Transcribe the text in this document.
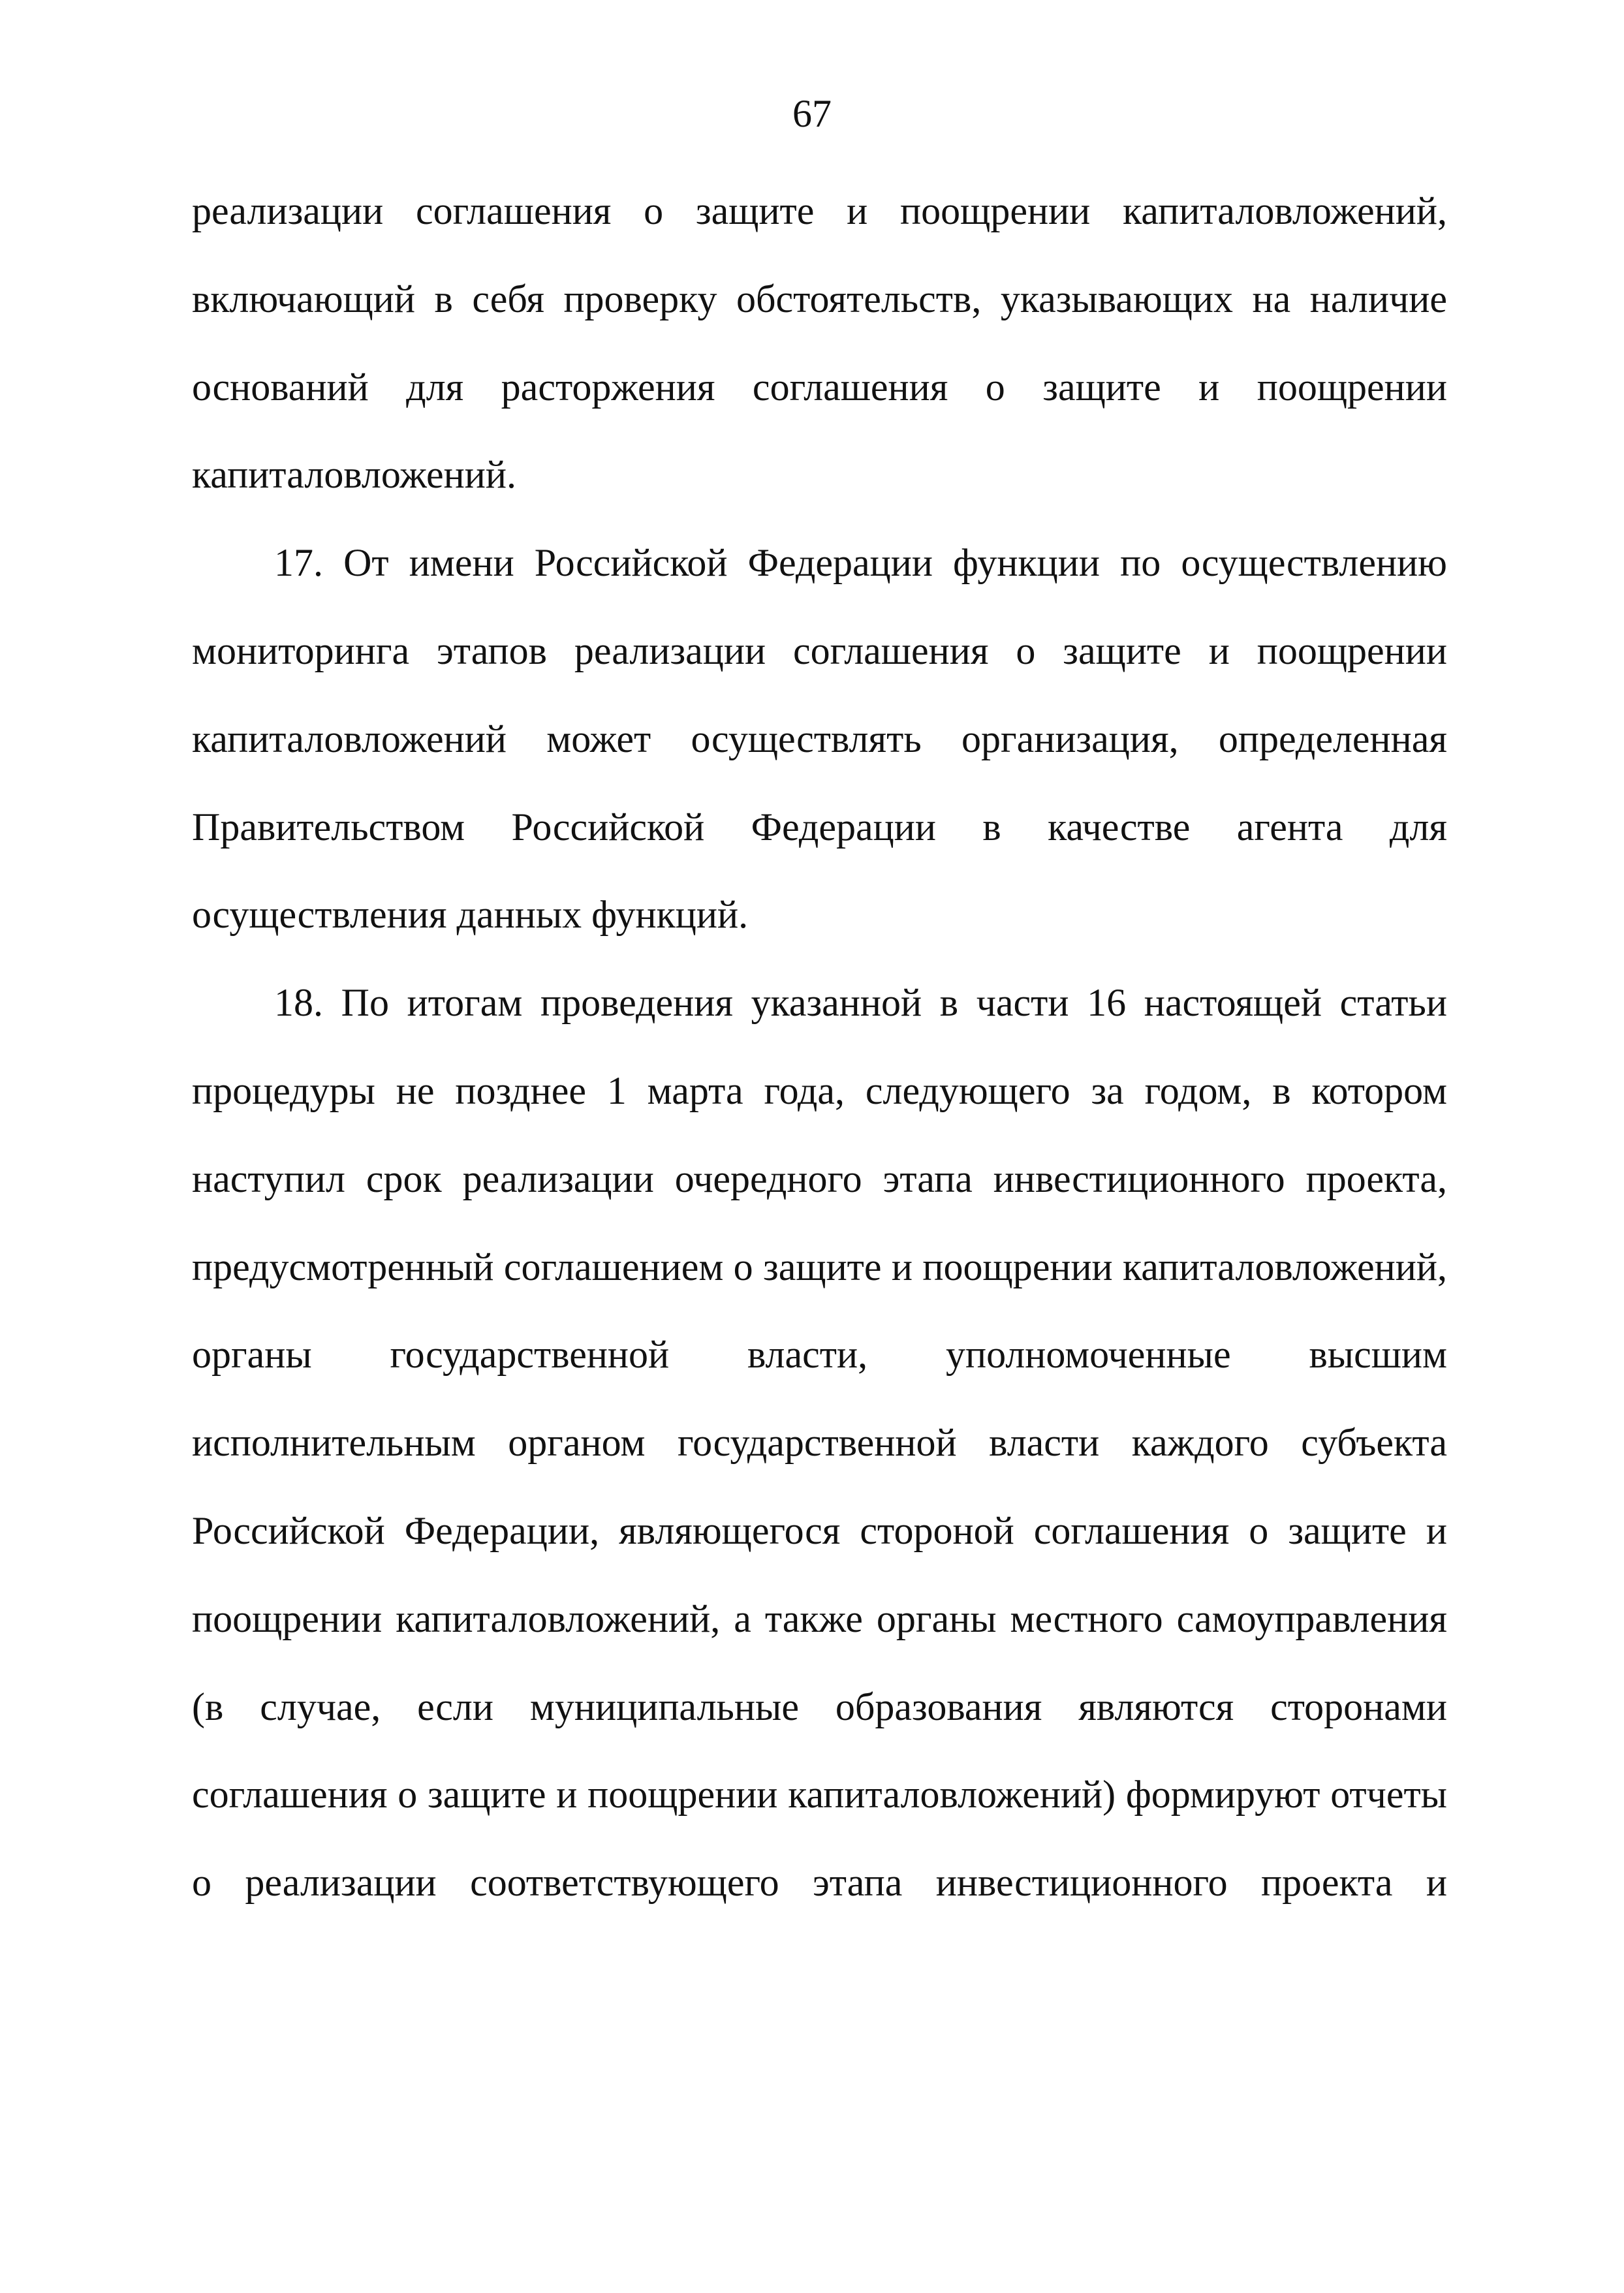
67
реализации соглашения о защите и поощрении капиталовложений,
включающий в себя проверку обстоятельств, указывающих на наличие
оснований для расторжения соглашения о защите и поощрении
капиталовложений.
17. От имени Российской Федерации функции по осуществлению
мониторинга этапов реализации соглашения о защите и поощрении
капиталовложений может осуществлять организация, определенная
Правительством Российской Федерации в качестве агента для
осуществления данных функций.
18. По итогам проведения указанной в части 16 настоящей статьи
процедуры не позднее 1 марта года, следующего за годом, в котором
наступил срок реализации очередного этапа инвестиционного проекта,
предусмотренный соглашением о защите и поощрении капиталовложений,
органы государственной власти, уполномоченные высшим
исполнительным органом государственной власти каждого субъекта
Российской Федерации, являющегося стороной соглашения о защите и
поощрении капиталовложений, а также органы местного самоуправления
(в случае, если муниципальные образования являются сторонами
соглашения о защите и поощрении капиталовложений) формируют отчеты
о реализации соответствующего этапа инвестиционного проекта и
